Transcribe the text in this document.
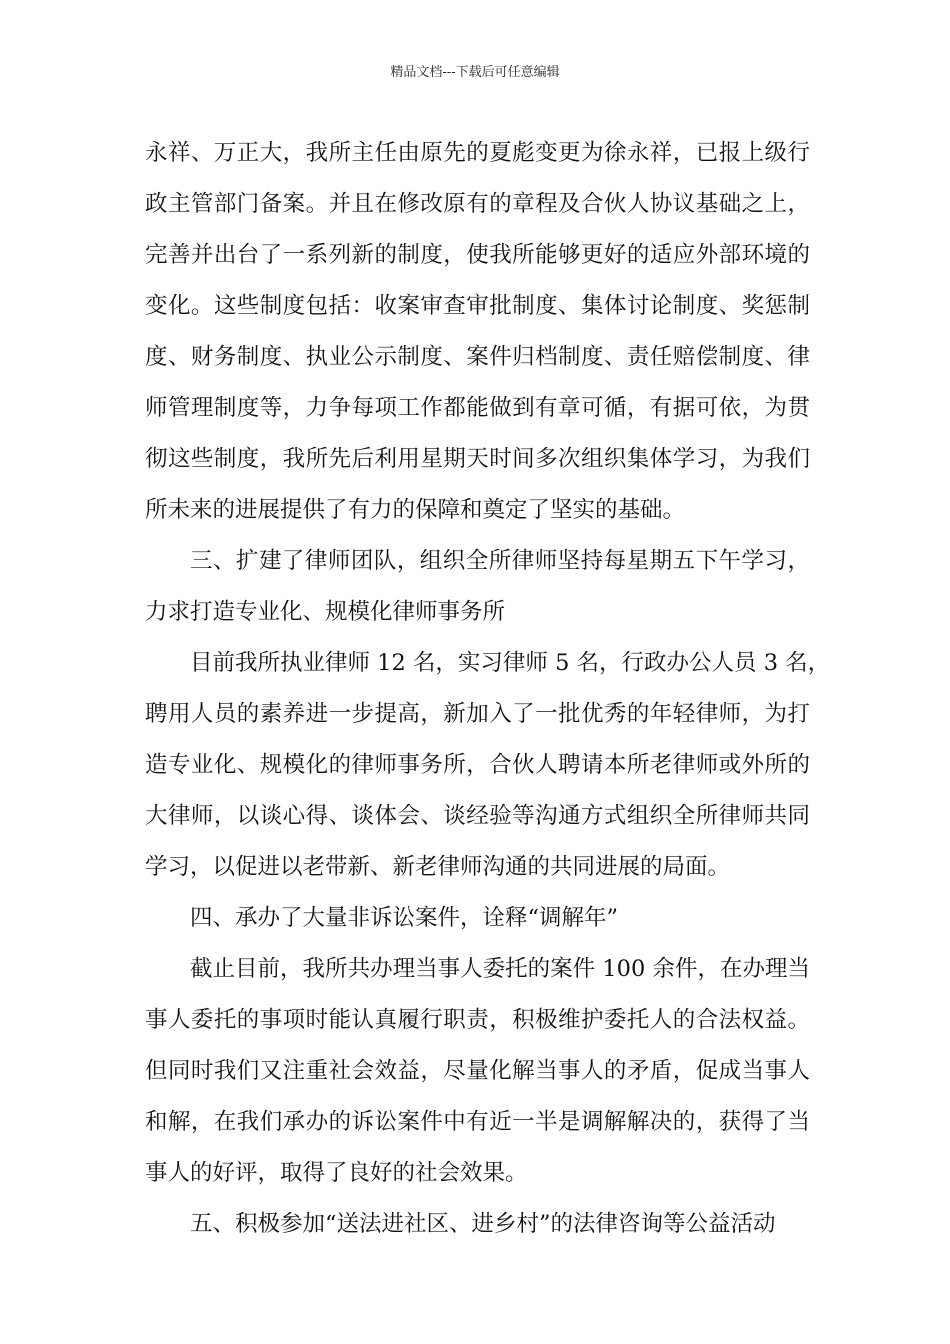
精品文档---下载后可任意编辑
永祥、万正大，我所主任由原先的夏彪变更为徐永祥，已报上级行
政主管部门备案。并且在修改原有的章程及合伙人协议基础之上，
完善并出台了一系列新的制度，使我所能够更好的适应外部环境的
变化。这些制度包括：收案审查审批制度、集体讨论制度、奖惩制
度、财务制度、执业公示制度、案件归档制度、责任赔偿制度、律
师管理制度等，力争每项工作都能做到有章可循，有据可依，为贯
彻这些制度，我所先后利用星期天时间多次组织集体学习，为我们
所未来的进展提供了有力的保障和奠定了坚实的基础。
三、扩建了律师团队，组织全所律师坚持每星期五下午学习，
力求打造专业化、规模化律师事务所
目前我所执业律师 12 名，实习律师 5 名，行政办公人员 3 名，
聘用人员的素养进一步提高，新加入了一批优秀的年轻律师，为打
造专业化、规模化的律师事务所，合伙人聘请本所老律师或外所的
大律师，以谈心得、谈体会、谈经验等沟通方式组织全所律师共同
学习，以促进以老带新、新老律师沟通的共同进展的局面。
四、承办了大量非诉讼案件，诠释“调解年”
截止目前，我所共办理当事人委托的案件 100 余件，在办理当
事人委托的事项时能认真履行职责，积极维护委托人的合法权益。
但同时我们又注重社会效益，尽量化解当事人的矛盾，促成当事人
和解，在我们承办的诉讼案件中有近一半是调解解决的，获得了当
事人的好评，取得了良好的社会效果。
五、积极参加“送法进社区、进乡村”的法律咨询等公益活动
